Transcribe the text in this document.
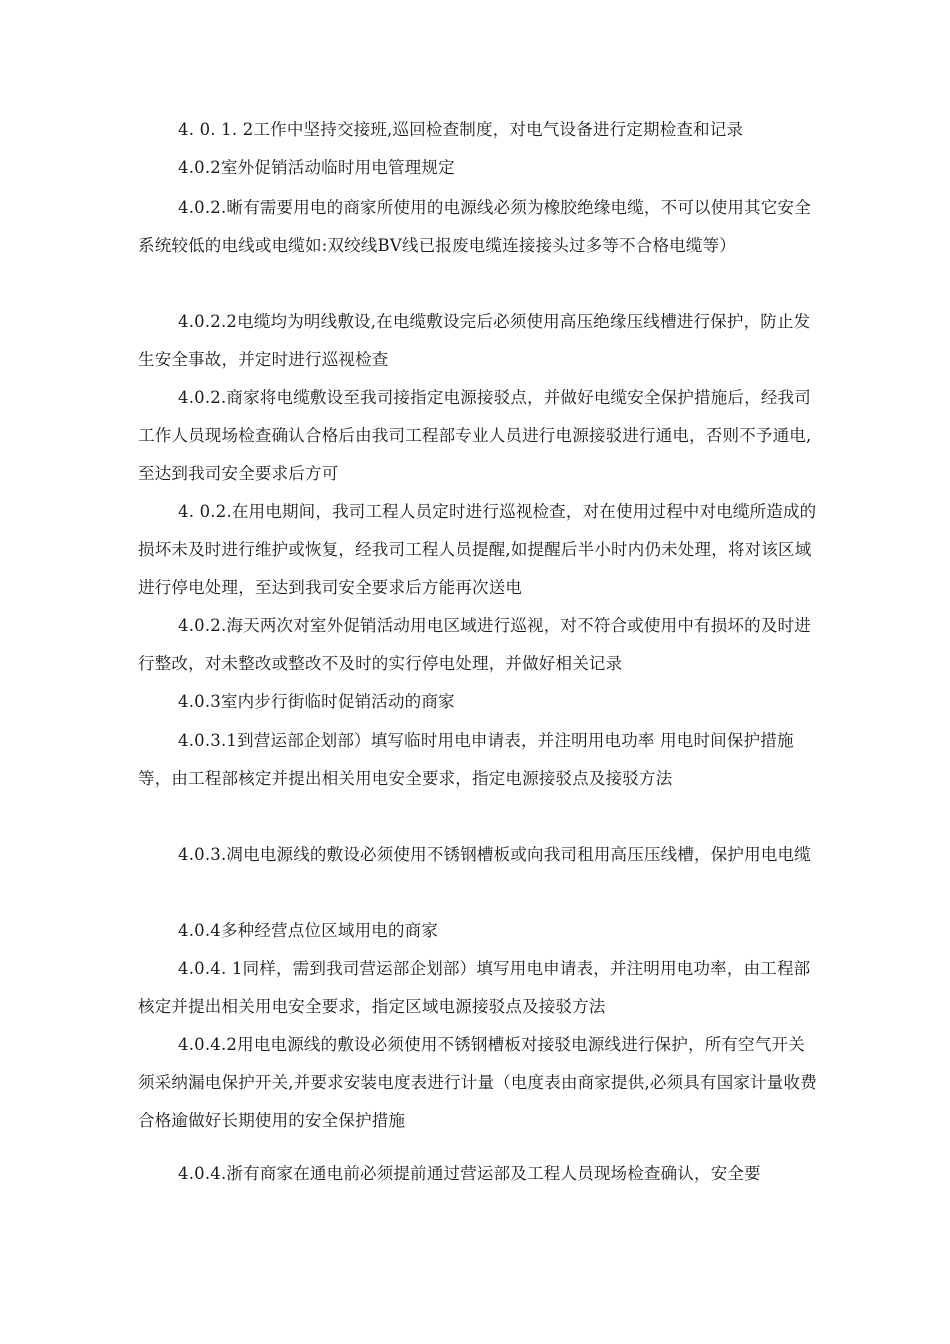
4. 0. 1. 2工作中坚持交接班,巡回检查制度，对电气设备进行定期检查和记录

4.0.2室外促销活动临时用电管理规定

4.0.2.晰有需要用电的商家所使用的电源线必须为橡胶绝缘电缆，不可以使用其它安全系统较低的电线或电缆如:双绞线BV线已报废电缆连接接头过多等不合格电缆等）

4.0.2.2电缆均为明线敷设,在电缆敷设完后必须使用高压绝缘压线槽进行保护，防止发生安全事故，并定时进行巡视检查

4.0.2.商家将电缆敷设至我司接指定电源接驳点，并做好电缆安全保护措施后，经我司工作人员现场检查确认合格后由我司工程部专业人员进行电源接驳进行通电，否则不予通电,至达到我司安全要求后方可

4. 0.2.在用电期间，我司工程人员定时进行巡视检查，对在使用过程中对电缆所造成的损坏未及时进行维护或恢复，经我司工程人员提醒,如提醒后半小时内仍未处理，将对该区域进行停电处理，至达到我司安全要求后方能再次送电

4.0.2.海天两次对室外促销活动用电区域进行巡视，对不符合或使用中有损坏的及时进行整改，对未整改或整改不及时的实行停电处理，并做好相关记录

4.0.3室内步行街临时促销活动的商家

4.0.3.1到营运部企划部）填写临时用电申请表，并注明用电功率 用电时间保护措施等，由工程部核定并提出相关用电安全要求，指定电源接驳点及接驳方法

4.0.3.凋电电源线的敷设必须使用不锈钢槽板或向我司租用高压压线槽，保护用电电缆

4.0.4多种经营点位区域用电的商家

4.0.4. 1同样，需到我司营运部企划部）填写用电申请表，并注明用电功率，由工程部核定并提出相关用电安全要求，指定区域电源接驳点及接驳方法

4.0.4.2用电电源线的敷设必须使用不锈钢槽板对接驳电源线进行保护，所有空气开关须采纳漏电保护开关,并要求安装电度表进行计量（电度表由商家提供,必须具有国家计量收费合格逾做好长期使用的安全保护措施

4.0.4.浙有商家在通电前必须提前通过营运部及工程人员现场检查确认，安全要
